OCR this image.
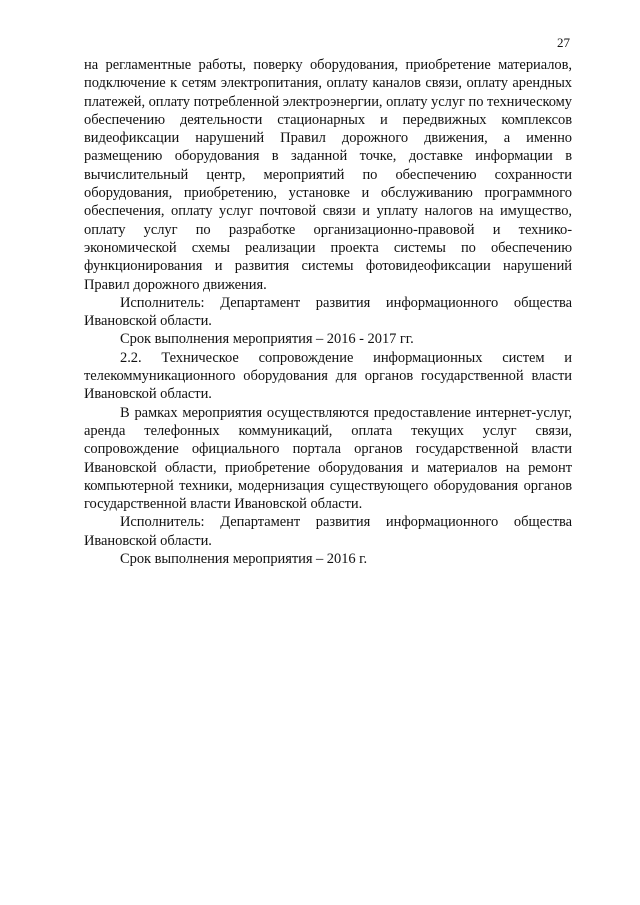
27

на регламентные работы, поверку оборудования, приобретение материалов, подключение к сетям электропитания, оплату каналов связи, оплату арендных платежей, оплату потребленной электроэнергии, оплату услуг по техническому обеспечению деятельности стационарных и передвижных комплексов видеофиксации нарушений Правил дорожного движения, а именно размещению оборудования в заданной точке, доставке информации в вычислительный центр, мероприятий по обеспечению сохранности оборудования, приобретению, установке и обслуживанию программного обеспечения, оплату услуг почтовой связи и уплату налогов на имущество, оплату услуг по разработке организационно-правовой и технико-экономической схемы реализации проекта системы по обеспечению функционирования и развития системы фотовидеофиксации нарушений Правил дорожного движения.

Исполнитель: Департамент развития информационного общества Ивановской области.

Срок выполнения мероприятия – 2016 - 2017 гг.

2.2. Техническое сопровождение информационных систем и телекоммуникационного оборудования для органов государственной власти Ивановской области.

В рамках мероприятия осуществляются предоставление интернет-услуг, аренда телефонных коммуникаций, оплата текущих услуг связи, сопровождение официального портала органов государственной власти Ивановской области, приобретение оборудования и материалов на ремонт компьютерной техники, модернизация существующего оборудования органов государственной власти Ивановской области.

Исполнитель: Департамент развития информационного общества Ивановской области.

Срок выполнения мероприятия – 2016 г.
